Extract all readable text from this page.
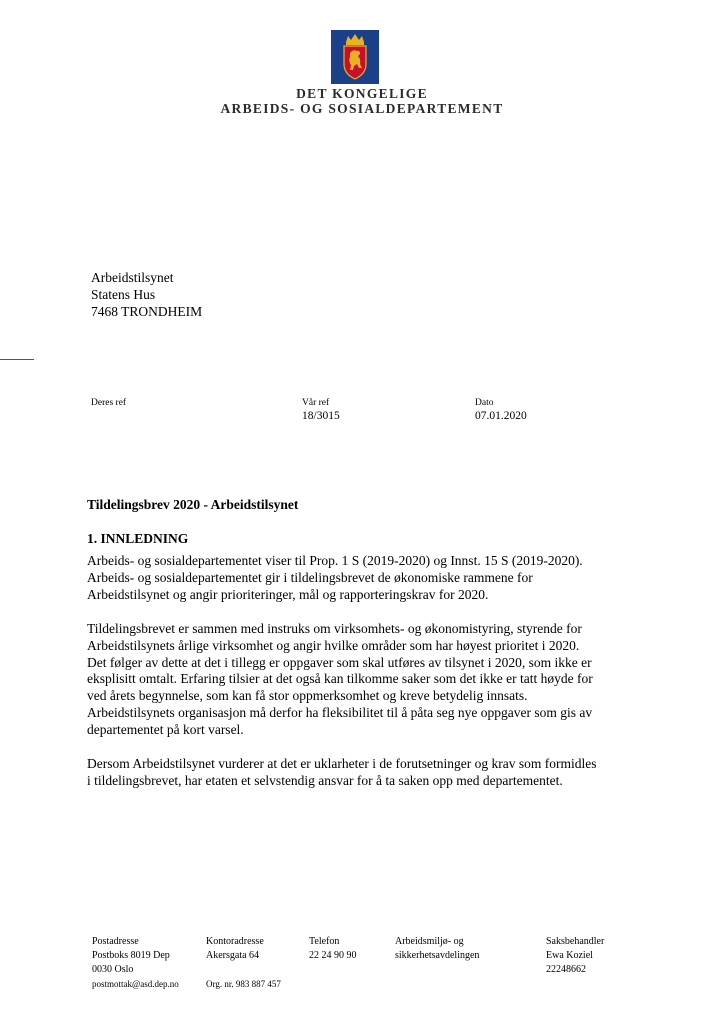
DET KONGELIGE
ARBEIDS- OG SOSIALDEPARTEMENT
Arbeidstilsynet
Statens Hus
7468 TRONDHEIM
Deres ref	Vår ref
18/3015
Dato
07.01.2020
Tildelingsbrev 2020 - Arbeidstilsynet
1. INNLEDNING

Arbeids- og sosialdepartementet viser til Prop. 1 S (2019-2020) og Innst. 15 S (2019-2020).
Arbeids- og sosialdepartementet gir i tildelingsbrevet de økonomiske rammene for
Arbeidstilsynet og angir prioriteringer, mål og rapporteringskrav for 2020.

Tildelingsbrevet er sammen med instruks om virksomhets- og økonomistyring, styrende for
Arbeidstilsynets årlige virksomhet og angir hvilke områder som har høyest prioritet i 2020.
Det følger av dette at det i tillegg er oppgaver som skal utføres av tilsynet i 2020, som ikke er
eksplisitt omtalt. Erfaring tilsier at det også kan tilkomme saker som det ikke er tatt høyde for
ved årets begynnelse, som kan få stor oppmerksomhet og kreve betydelig innsats.
Arbeidstilsynets organisasjon må derfor ha fleksibilitet til å påta seg nye oppgaver som gis av
departementet på kort varsel.

Dersom Arbeidstilsynet vurderer at det er uklarheter i de forutsetninger og krav som formidles
i tildelingsbrevet, har etaten et selvstendig ansvar for å ta saken opp med departementet.

Postadresse
Postboks 8019 Dep
0030 Oslo
postmottak@asd.dep.no
Kontoradresse
Akersgata 64

Org. nr. 983 887 457
Telefon
22 24 90 90
Arbeidsmiljø- og
sikkerhetsavdelingen
Saksbehandler
Ewa Koziel
22248662
